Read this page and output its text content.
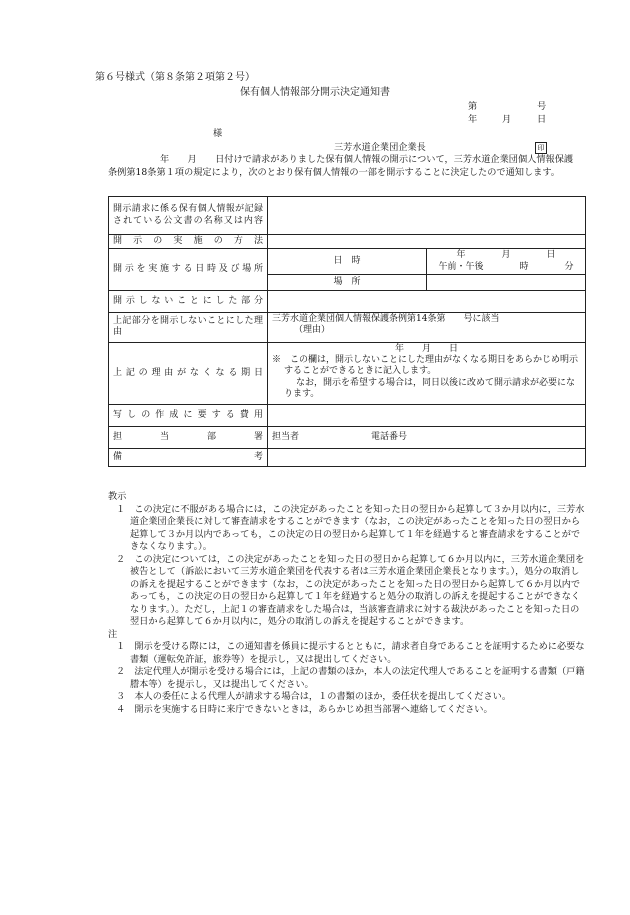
第６号様式（第８条第２項第２号）
保有個人情報部分開示決定通知書
第	号
年	月	日
様
三芳水道企業団企業長	印

年　　月　　日付けで請求がありました保有個人情報の開示について，三芳水道企業団個人情報保護条例第18条第１項の規定により，次のとおり保有個人情報の一部を開示することに決定したので通知します。

開示請求に係る保有個人情報が記録されている公文書の名称又は内容			
開示の実施の方法			
開示を実施する日時及び場所		日　時	年　　　　月　　　　日
午前・午後　　　　時　　　　分

		場　所	
開示しないことにした部分			
上記部分を開示しないことにした理由		三芳水道企業団個人情報保護条例第14条第　　号に該当
（理由）	

上記の理由がなくなる期日		年　　月　　日
※　この欄は，開示しないことにした理由がなくなる期日をあらかじめ明示することができるときに記入します。
なお，開示を希望する場合は，同日以後に改めて開示請求が必要になります。	

写しの作成に要する費用			
担当部署		担当者　　　　　　　　電話番号	
備考			

教示

１　この決定に不服がある場合には，この決定があったことを知った日の翌日から起算して３か月以内に，三芳水道企業団企業長に対して審査請求をすることができます（なお，この決定があったことを知った日の翌日から起算して３か月以内であっても，この決定の日の翌日から起算して１年を経過すると審査請求をすることができなくなります。）。

２　この決定については，この決定があったことを知った日の翌日から起算して６か月以内に，三芳水道企業団を被告として（訴訟において三芳水道企業団を代表する者は三芳水道企業団企業長となります。），処分の取消しの訴えを提起することができます（なお，この決定があったことを知った日の翌日から起算して６か月以内であっても，この決定の日の翌日から起算して１年を経過すると処分の取消しの訴えを提起することができなくなります。）。ただし，上記１の審査請求をした場合は，当該審査請求に対する裁決があったことを知った日の翌日から起算して６か月以内に，処分の取消しの訴えを提起することができます。

注

１　開示を受ける際には，この通知書を係員に提示するとともに，請求者自身であることを証明するために必要な書類（運転免許証，旅券等）を提示し，又は提出してください。

２　法定代理人が開示を受ける場合には，上記の書類のほか，本人の法定代理人であることを証明する書類（戸籍謄本等）を提示し，又は提出してください。

３　本人の委任による代理人が請求する場合は，１の書類のほか，委任状を提出してください。

４　開示を実施する日時に来庁できないときは，あらかじめ担当部署へ連絡してください。
